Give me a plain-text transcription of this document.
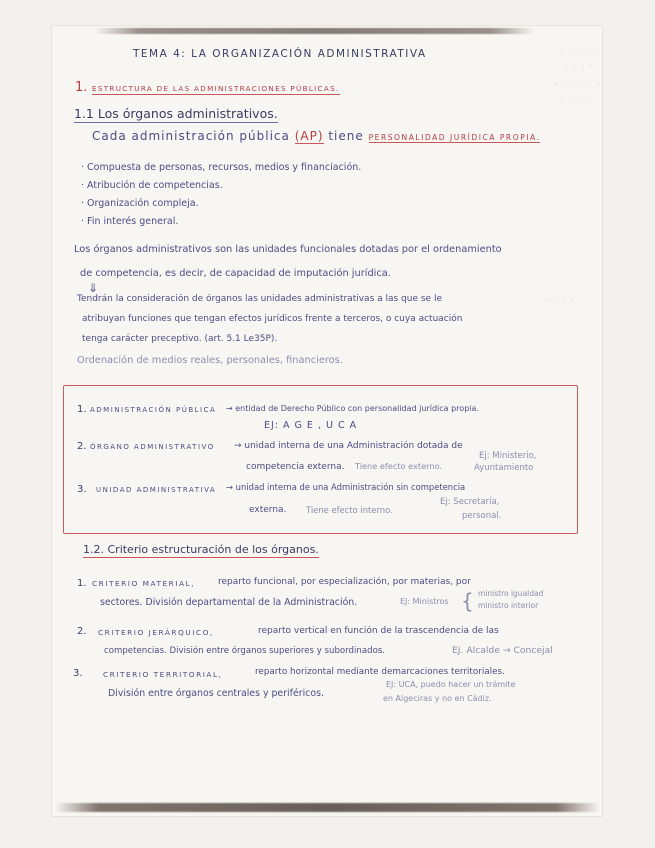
· · · · ·
· · · ·
· · · · · ·
· · · ·
· · · ·
TEMA 4: LA ORGANIZACIÓN ADMINISTRATIVA
1. ESTRUCTURA DE LAS ADMINISTRACIONES PÚBLICAS.
1.1 Los órganos administrativos.
Cada administración pública (AP) tiene PERSONALIDAD JURÍDICA PROPIA.
· Compuesta de personas, recursos, medios y financiación.
· Atribución de competencias.
· Organización compleja.
· Fin interés general.
Los órganos administrativos son las unidades funcionales dotadas por el ordenamiento
de competencia, es decir, de capacidad de imputación jurídica.
⇓
Tendrán la consideración de órganos las unidades administrativas a las que se le
atribuyan funciones que tengan efectos jurídicos frente a terceros, o cuya actuación
tenga carácter preceptivo. (art. 5.1 Le35P).
Ordenación de medios reales, personales, financieros.
1. ADMINISTRACIÓN PÚBLICA → entidad de Derecho Público con personalidad jurídica propia.
EJ: A G E , U C A
2. ÓRGANO ADMINISTRATIVO → unidad interna de una Administración dotada de
competencia externa. Tiene efecto externo.
Ej: Ministerio,
Ayuntamiento
3. UNIDAD ADMINISTRATIVA → unidad interna de una Administración sin competencia
externa. Tiene efecto interno.
Ej: Secretaría,
personal.
1.2. Criterio estructuración de los órganos.
1. CRITERIO MATERIAL,	reparto funcional, por especialización, por materias, por
sectores. División departamental de la Administración.	EJ: Ministros { ministro igualdad
ministro interior
2. CRITERIO JERÁRQUICO,	reparto vertical en función de la trascendencia de las
competencias. División entre órganos superiores y subordinados.	EJ. Alcalde → Concejal
3.	CRITERIO TERRITORIAL,	reparto horizontal mediante demarcaciones territoriales.
División entre órganos centrales y periféricos.
EJ: UCA, puedo hacer un trámite
en Algeciras y no en Cádiz.
